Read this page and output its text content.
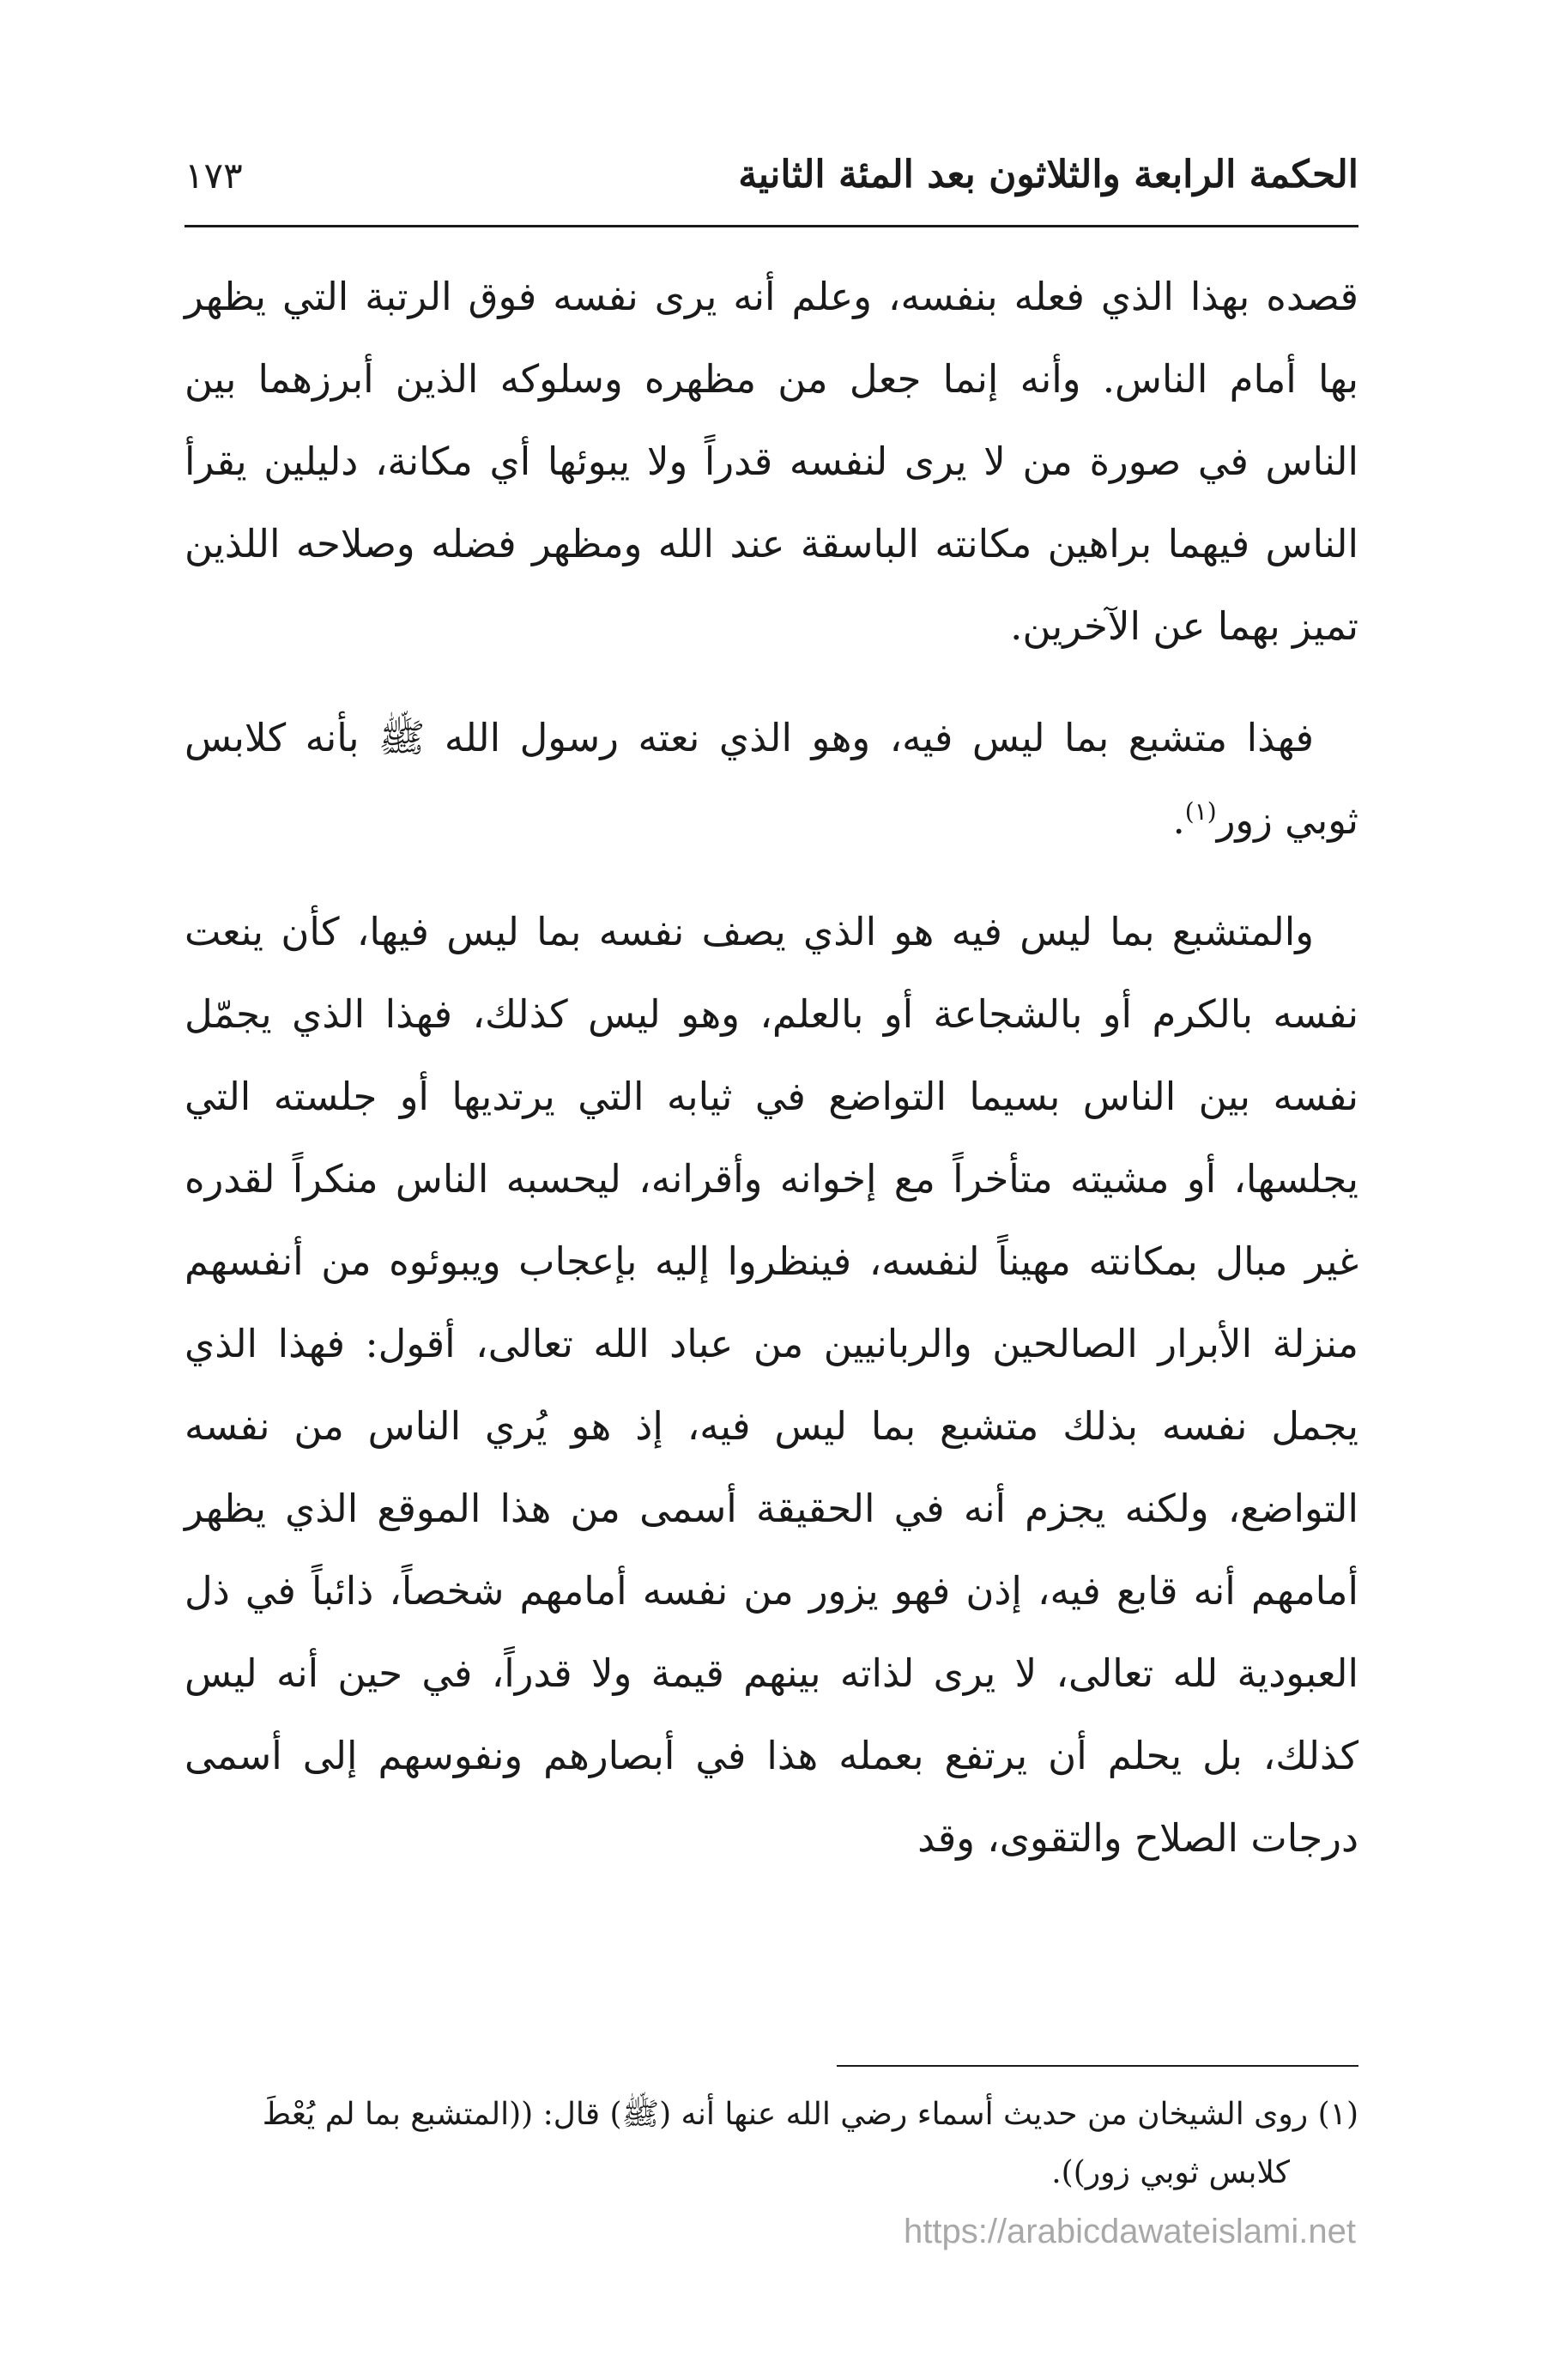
الحكمة الرابعة والثلاثون بعد المئة الثانية
١٧٣

قصده بهذا الذي فعله بنفسه، وعلم أنه يرى نفسه فوق الرتبة التي يظهر بها أمام الناس. وأنه إنما جعل من مظهره وسلوكه الذين أبرزهما بين الناس في صورة من لا يرى لنفسه قدراً ولا يبوئها أي مكانة، دليلين يقرأ الناس فيهما براهين مكانته الباسقة عند الله ومظهر فضله وصلاحه اللذين تميز بهما عن الآخرين.

فهذا متشبع بما ليس فيه، وهو الذي نعته رسول الله ﷺ بأنه كلابس ثوبي زور$^{(١)}$.

والمتشبع بما ليس فيه هو الذي يصف نفسه بما ليس فيها، كأن ينعت نفسه بالكرم أو بالشجاعة أو بالعلم، وهو ليس كذلك، فهذا الذي يجمّل نفسه بين الناس بسيما التواضع في ثيابه التي يرتديها أو جلسته التي يجلسها، أو مشيته متأخراً مع إخوانه وأقرانه، ليحسبه الناس منكراً لقدره غير مبال بمكانته مهيناً لنفسه، فينظروا إليه بإعجاب ويبوئوه من أنفسهم منزلة الأبرار الصالحين والربانيين من عباد الله تعالى، أقول: فهذا الذي يجمل نفسه بذلك متشبع بما ليس فيه، إذ هو يُري الناس من نفسه التواضع، ولكنه يجزم أنه في الحقيقة أسمى من هذا الموقع الذي يظهر أمامهم أنه قابع فيه، إذن فهو يزور من نفسه أمامهم شخصاً، ذائباً في ذل العبودية لله تعالى، لا يرى لذاته بينهم قيمة ولا قدراً، في حين أنه ليس كذلك، بل يحلم أن يرتفع بعمله هذا في أبصارهم ونفوسهم إلى أسمى درجات الصلاح والتقوى، وقد

(١) روى الشيخان من حديث أسماء رضي الله عنها أنه (ﷺ) قال: ((المتشبع بما لم يُعْطَ
كلابس ثوبي زور)).
https://arabicdawateislami.net
